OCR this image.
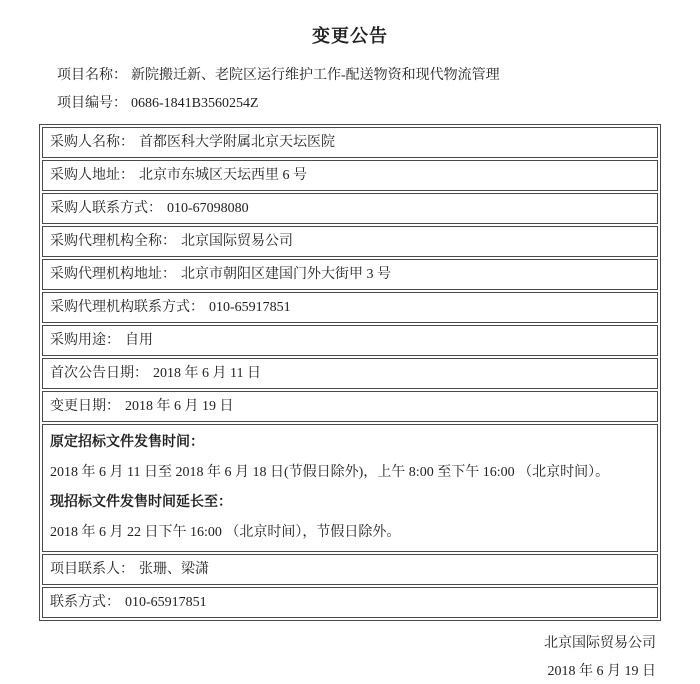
变更公告
项目名称： 新院搬迁新、老院区运行维护工作-配送物资和现代物流管理
项目编号： 0686-1841B3560254Z
采购人名称： 首都医科大学附属北京天坛医院
采购人地址： 北京市东城区天坛西里 6 号
采购人联系方式： 010-67098080
采购代理机构全称： 北京国际贸易公司
采购代理机构地址： 北京市朝阳区建国门外大街甲 3 号
采购代理机构联系方式： 010-65917851
采购用途： 自用
首次公告日期： 2018 年 6 月 11 日
变更日期： 2018 年 6 月 19 日

原定招标文件发售时间：

2018 年 6 月 11 日至 2018 年 6 月 18 日(节假日除外)，上午 8:00 至下午 16:00 （北京时间）。

现招标文件发售时间延长至：

2018 年 6 月 22 日下午 16:00 （北京时间），节假日除外。

项目联系人： 张珊、梁潇
联系方式： 010-65917851
北京国际贸易公司
2018 年 6 月 19 日
